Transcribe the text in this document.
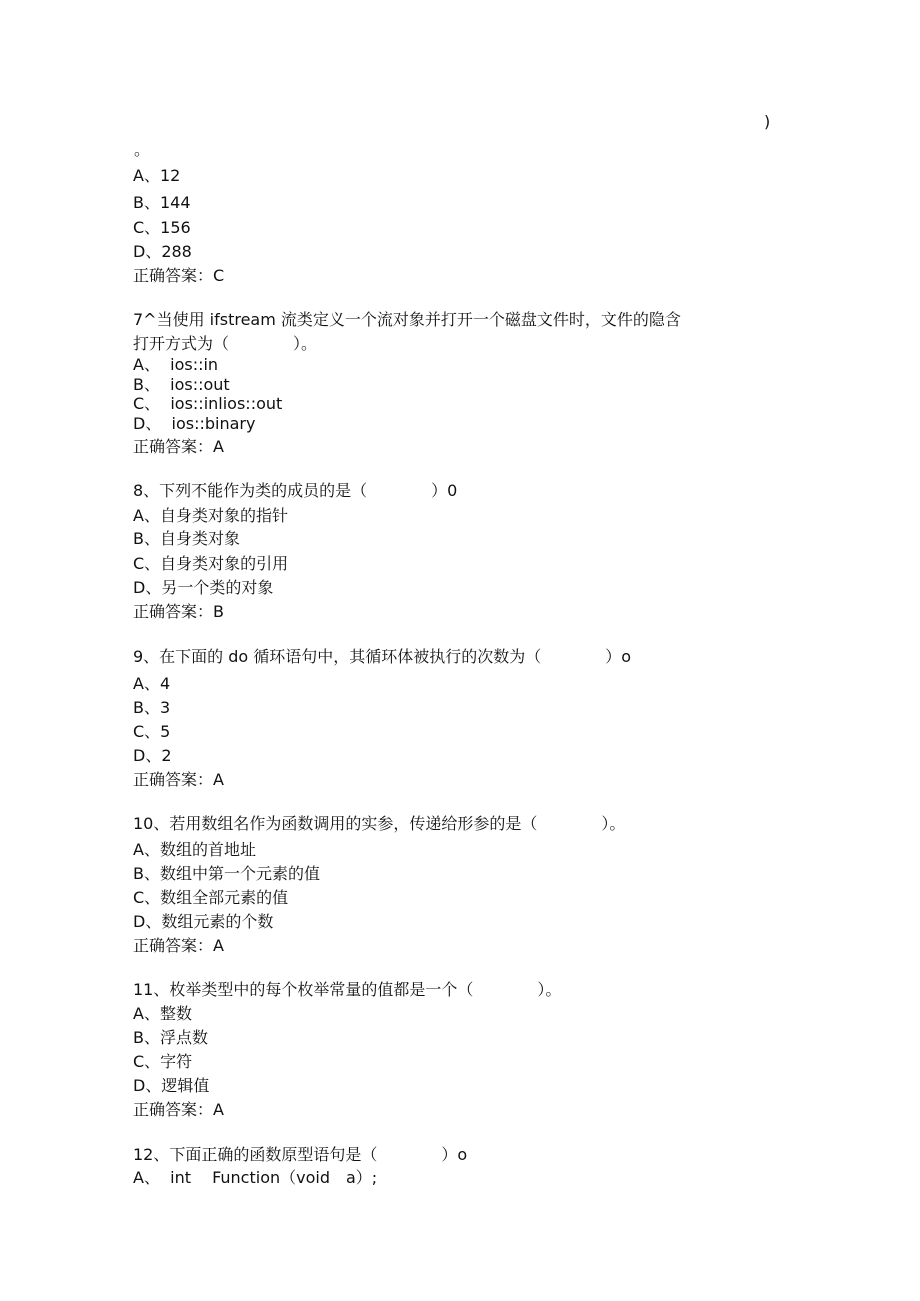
)
。
A、12
B、144
C、156
D、288
正确答案：C
7^当使用 ifstream 流类定义一个流对象并打开一个磁盘文件时，文件的隐含
打开方式为（　　　　）。
A、  ios::in
B、  ios::out
C、  ios::inlios::out
D、  ios::binary
正确答案：A
8、下列不能作为类的成员的是（　　　　）0
A、自身类对象的指针
B、自身类对象
C、自身类对象的引用
D、另一个类的对象
正确答案：B
9、在下面的 do 循环语句中，其循环体被执行的次数为（　　　　）o
A、4
B、3
C、5
D、2
正确答案：A
10、若用数组名作为函数调用的实参，传递给形参的是（　　　　）。
A、数组的首地址
B、数组中第一个元素的值
C、数组全部元素的值
D、数组元素的个数
正确答案：A
11、枚举类型中的每个枚举常量的值都是一个（　　　　）。
A、整数
B、浮点数
C、字符
D、逻辑值
正确答案：A
12、下面正确的函数原型语句是（　　　　）o
A、  int　 Function（void　a）;
